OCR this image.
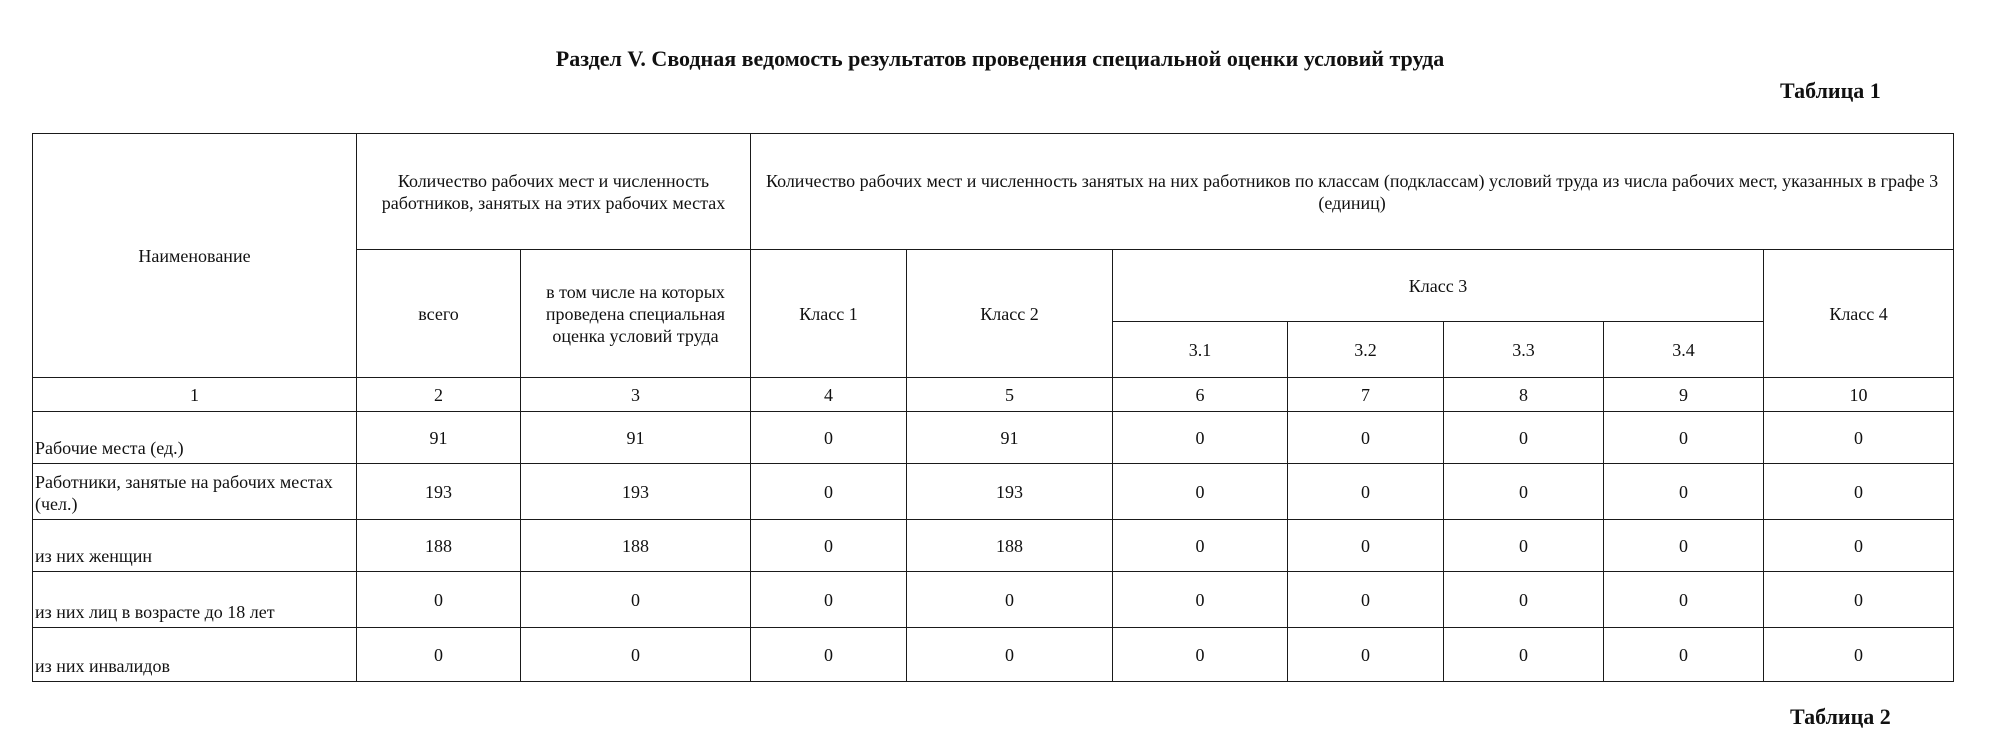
Раздел V. Сводная ведомость результатов проведения специальной оценки условий труда
Таблица 1
Наименование	Количество рабочих мест и численность работников, занятых на этих рабочих местах		Количество рабочих мест и численность занятых на них работников по классам (подклассам) условий труда из числа рабочих мест, указанных в графе 3 (единиц)						
	всего	в том числе на которых проведена специальная оценка условий труда	Класс 1	Класс 2	Класс 3				Класс 4
					3.1	3.2	3.3	3.4	
1	2	3	4	5	6	7	8	9	10
Рабочие места (ед.)	91	91	0	91	0	0	0	0	0
Работники, занятые на рабочих местах (чел.)	193	193	0	193	0	0	0	0	0
из них женщин	188	188	0	188	0	0	0	0	0
из них лиц в возрасте до 18 лет	0	0	0	0	0	0	0	0	0
из них инвалидов	0	0	0	0	0	0	0	0	0
Таблица 2
